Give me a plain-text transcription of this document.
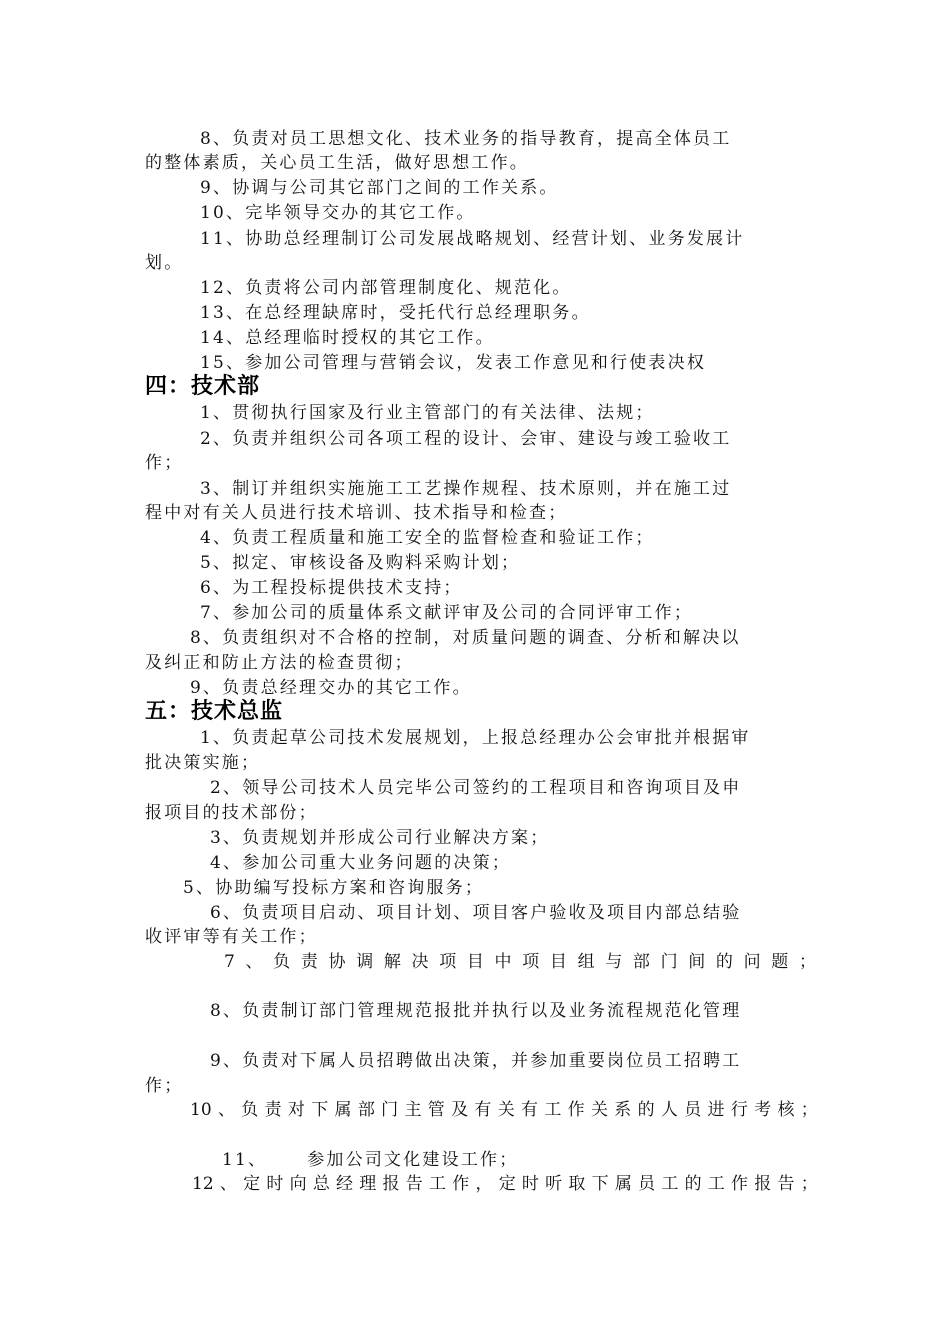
8、负责对员工思想文化、技术业务的指导教育，提高全体员工

的整体素质，关心员工生活，做好思想工作。

9、协调与公司其它部门之间的工作关系。

10、完毕领导交办的其它工作。

11、协助总经理制订公司发展战略规划、经营计划、业务发展计

划。

12、负责将公司内部管理制度化、规范化。

13、在总经理缺席时，受托代行总经理职务。

14、总经理临时授权的其它工作。

15、参加公司管理与营销会议，发表工作意见和行使表决权

四：技术部

1、贯彻执行国家及行业主管部门的有关法律、法规；

2、负责并组织公司各项工程的设计、会审、建设与竣工验收工

作；

3、制订并组织实施施工工艺操作规程、技术原则，并在施工过

程中对有关人员进行技术培训、技术指导和检查；

4、负责工程质量和施工安全的监督检查和验证工作；

5、拟定、审核设备及购料采购计划；

6、为工程投标提供技术支持；

7、参加公司的质量体系文献评审及公司的合同评审工作；

8、负责组织对不合格的控制，对质量问题的调查、分析和解决以

及纠正和防止方法的检查贯彻；

9、负责总经理交办的其它工作。

五：技术总监

1、负责起草公司技术发展规划，上报总经理办公会审批并根据审

批决策实施；

2、领导公司技术人员完毕公司签约的工程项目和咨询项目及申

报项目的技术部份；

3、负责规划并形成公司行业解决方案；

4、参加公司重大业务问题的决策；

5、协助编写投标方案和咨询服务；

6、负责项目启动、项目计划、项目客户验收及项目内部总结验

收评审等有关工作；

7 、 负 责 协 调 解 决 项 目 中 项 目 组 与 部 门 间 的 问 题 ；

8、负责制订部门管理规范报批并执行以及业务流程规范化管理

9、负责对下属人员招聘做出决策，并参加重要岗位员工招聘工

作；

10 、 负 责 对 下 属 部 门 主 管 及 有 关 有 工 作 关 系 的 人 员 进 行 考 核 ；
11、 参加公司文化建设工作；
12 、 定 时 向 总 经 理 报 告 工 作 ， 定 时 听 取 下 属 员 工 的 工 作 报 告 ；
